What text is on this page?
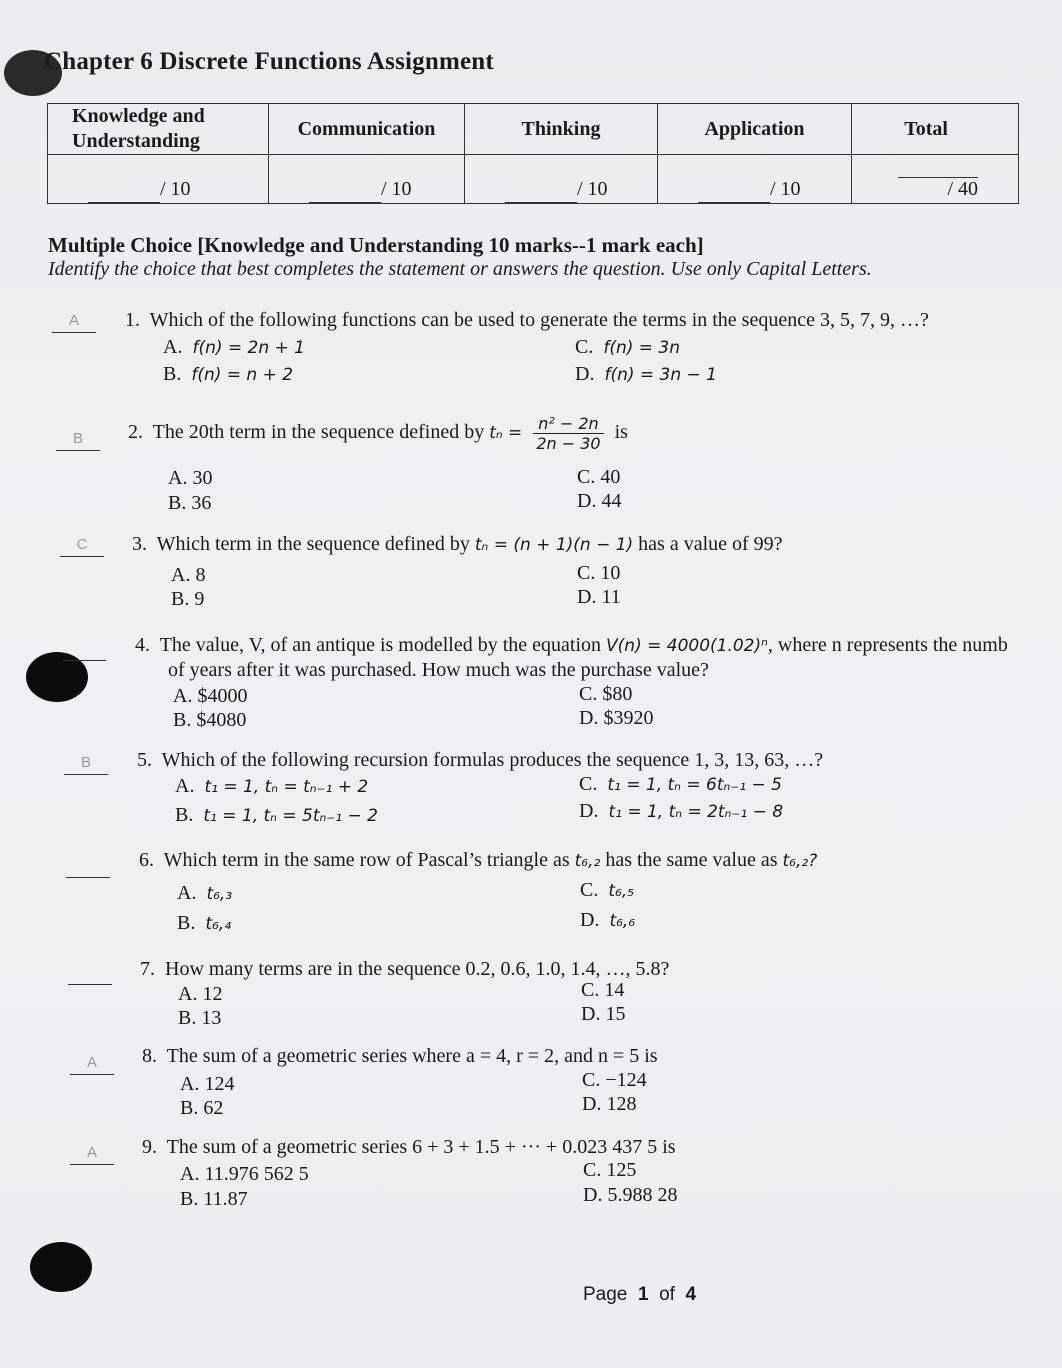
Chapter 6 Discrete Functions Assignment
Knowledge and
Understanding	Communication	Thinking	Application	Total
/ 10	/ 10	/ 10	/ 10	/ 40
Multiple Choice [Knowledge and Understanding 10 marks--1 mark each]
Identify the choice that best completes the statement or answers the question. Use only Capital Letters.
A	1. Which of the following functions can be used to generate the terms in the sequence 3, 5, 7, 9, …?
A. f(n) = 2n + 1
B. f(n) = n + 2
C. f(n) = 3n
D. f(n) = 3n − 1
B	2. The 20th term in the sequence defined by $t_n = \frac{\text{n² − 2n}}{2n - 30}$ is
A. 30
B. 36
C. 40
D. 44
C	3. Which term in the sequence defined by tₙ = (n + 1)(n − 1) has a value of 99?
A. 8
B. 9
C. 10
D. 11
4. The value, V, of an antique is modelled by the equation V(n) = 4000(1.02)ⁿ, where n represents the numb
of years after it was purchased. How much was the purchase value?
A. $4000
B. $4080
C. $80
D. $3920
B	5. Which of the following recursion formulas produces the sequence 1, 3, 13, 63, …?
A. t₁ = 1, tₙ = tₙ₋₁ + 2
B. t₁ = 1, tₙ = 5tₙ₋₁ − 2
C. t₁ = 1, tₙ = 6tₙ₋₁ − 5
D. t₁ = 1, tₙ = 2tₙ₋₁ − 8
6. Which term in the same row of Pascal’s triangle as t₆,₂ has the same value as t₆,₂?
A. t₆,₃
B. t₆,₄
C. t₆,₅
D. t₆,₆
7. How many terms are in the sequence 0.2, 0.6, 1.0, 1.4, …, 5.8?
A. 12
B. 13
C. 14
D. 15
A	8. The sum of a geometric series where a = 4, r = 2, and n = 5 is
A. 124
B. 62
C. −124
D. 128
A	9. The sum of a geometric series 6 + 3 + 1.5 + ··· + 0.023 437 5 is
A. 11.976 562 5
B. 11.87
C. 125
D. 5.988 28
Page 1 of 4
